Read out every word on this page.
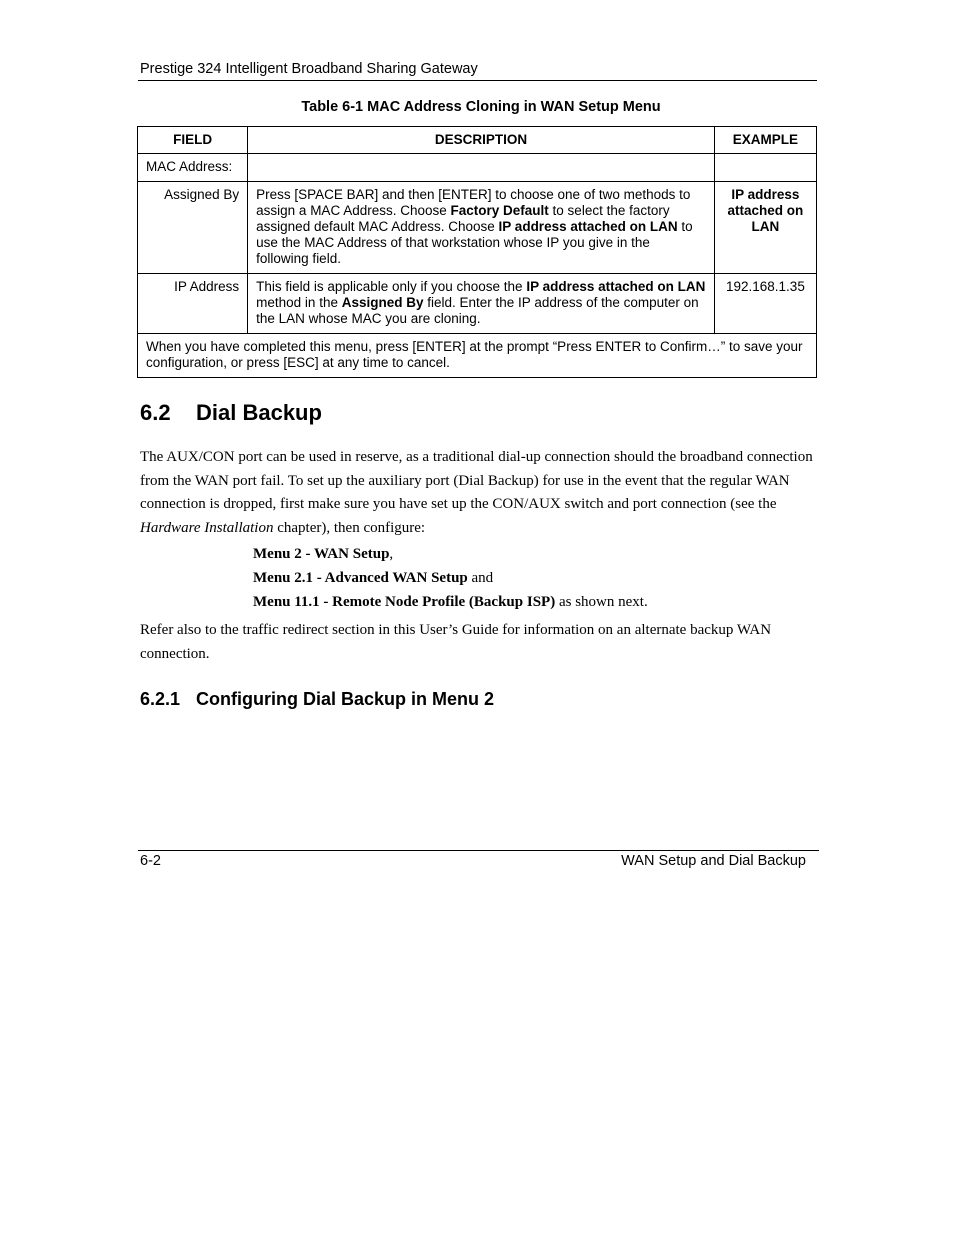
Prestige 324 Intelligent Broadband Sharing Gateway
Table 6-1 MAC Address Cloning in WAN Setup Menu
FIELD	DESCRIPTION	EXAMPLE
MAC Address:		
Assigned By	Press [SPACE BAR] and then [ENTER] to choose one of two methods to assign a MAC Address. Choose Factory Default to select the factory assigned default MAC Address. Choose IP address attached on LAN to use the MAC Address of that workstation whose IP you give in the following field.	IP address attached on LAN
IP Address	This field is applicable only if you choose the IP address attached on LAN method in the Assigned By field. Enter the IP address of the computer on the LAN whose MAC you are cloning.	192.168.1.35
When you have completed this menu, press [ENTER] at the prompt “Press ENTER to Confirm…” to save your configuration, or press [ESC] at any time to cancel.		
6.2 Dial Backup
The AUX/CON port can be used in reserve, as a traditional dial-up connection should the broadband connection from the WAN port fail. To set up the auxiliary port (Dial Backup) for use in the event that the regular WAN connection is dropped, first make sure you have set up the CON/AUX switch and port connection (see the Hardware Installation chapter), then configure:
Menu 2 - WAN Setup,
Menu 2.1 - Advanced WAN Setup and
Menu 11.1 - Remote Node Profile (Backup ISP) as shown next.
Refer also to the traffic redirect section in this User’s Guide for information on an alternate backup WAN connection.
6.2.1 Configuring Dial Backup in Menu 2
6-2	WAN Setup and Dial Backup
